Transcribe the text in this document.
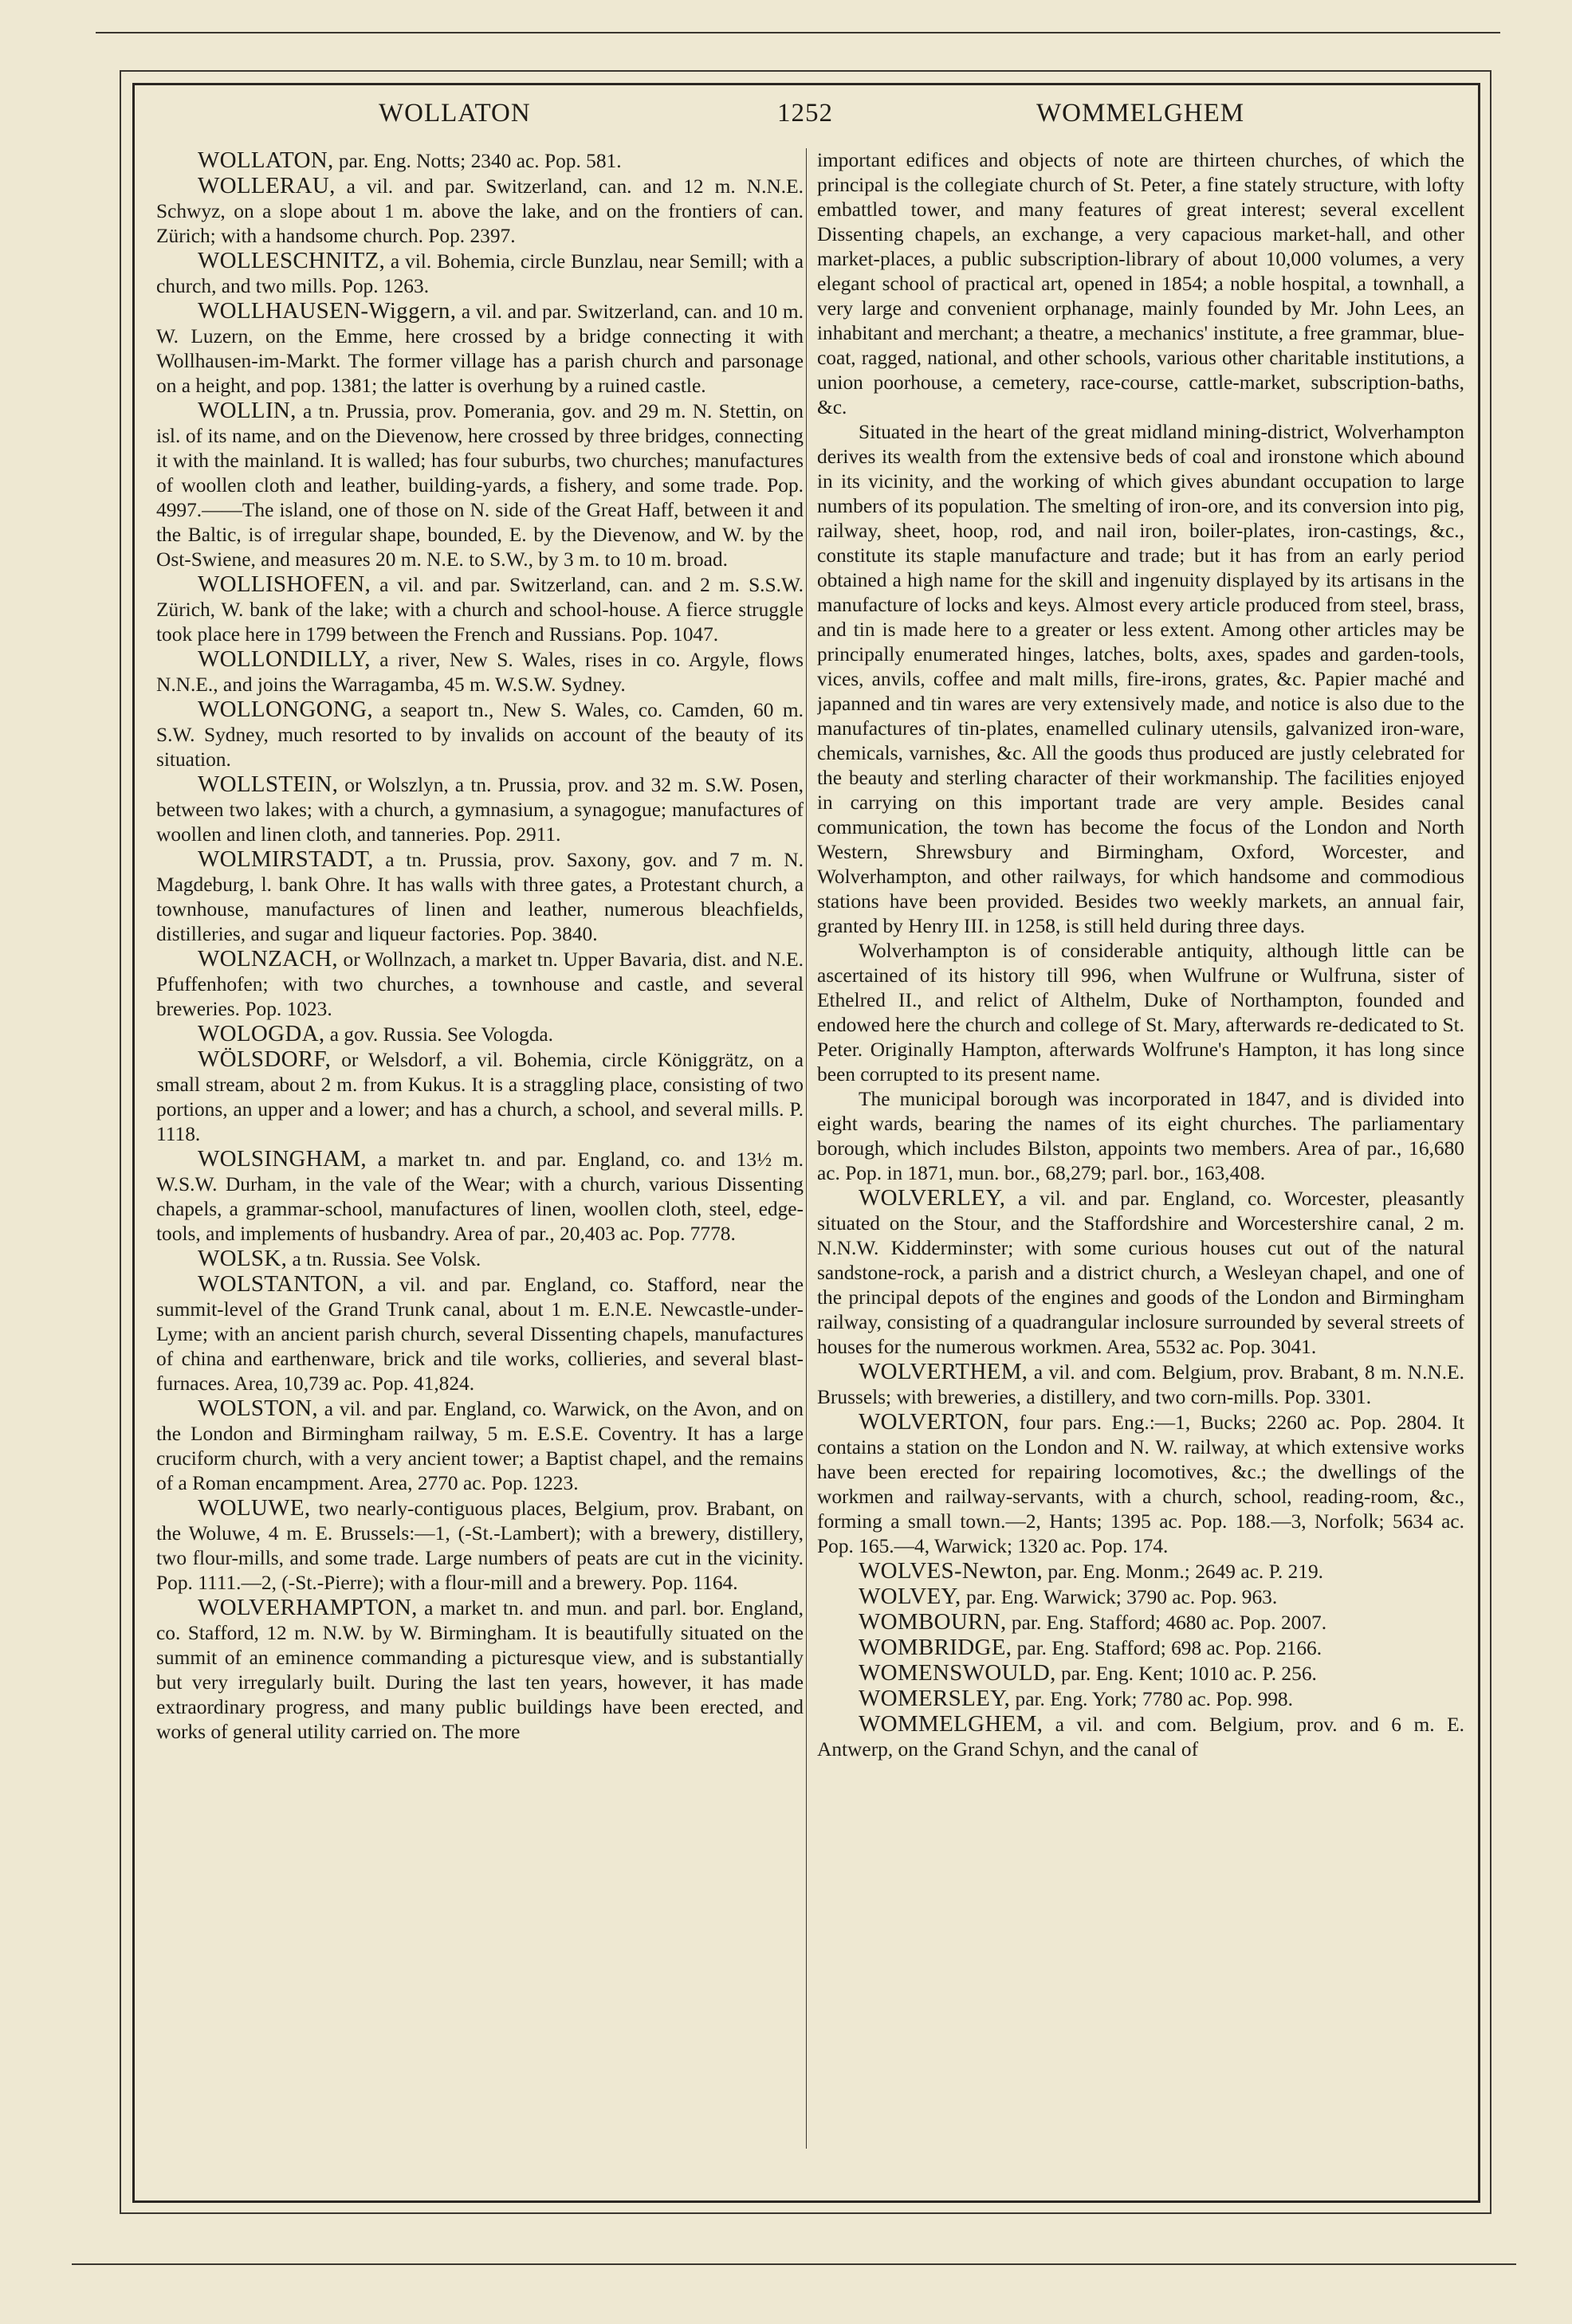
WOLLATON	1252	WOMMELGHEM

WOLLATON, par. Eng. Notts; 2340 ac. Pop. 581.

WOLLERAU, a vil. and par. Switzerland, can. and 12 m. N.N.E. Schwyz, on a slope about 1 m. above the lake, and on the frontiers of can. Zürich; with a handsome church. Pop. 2397.

WOLLESCHNITZ, a vil. Bohemia, circle Bunzlau, near Semill; with a church, and two mills. Pop. 1263.

WOLLHAUSEN-Wiggern, a vil. and par. Switzerland, can. and 10 m. W. Luzern, on the Emme, here crossed by a bridge connecting it with Wollhausen-im-Markt. The former village has a parish church and parsonage on a height, and pop. 1381; the latter is overhung by a ruined castle.

WOLLIN, a tn. Prussia, prov. Pomerania, gov. and 29 m. N. Stettin, on isl. of its name, and on the Dievenow, here crossed by three bridges, connecting it with the mainland. It is walled; has four suburbs, two churches; manufactures of woollen cloth and leather, building-yards, a fishery, and some trade. Pop. 4997.——The island, one of those on N. side of the Great Haff, between it and the Baltic, is of irregular shape, bounded, E. by the Dievenow, and W. by the Ost-Swiene, and measures 20 m. N.E. to S.W., by 3 m. to 10 m. broad.

WOLLISHOFEN, a vil. and par. Switzerland, can. and 2 m. S.S.W. Zürich, W. bank of the lake; with a church and school-house. A fierce struggle took place here in 1799 between the French and Russians. Pop. 1047.

WOLLONDILLY, a river, New S. Wales, rises in co. Argyle, flows N.N.E., and joins the Warragamba, 45 m. W.S.W. Sydney.

WOLLONGONG, a seaport tn., New S. Wales, co. Camden, 60 m. S.W. Sydney, much resorted to by invalids on account of the beauty of its situation.

WOLLSTEIN, or Wolszlyn, a tn. Prussia, prov. and 32 m. S.W. Posen, between two lakes; with a church, a gymnasium, a synagogue; manufactures of woollen and linen cloth, and tanneries. Pop. 2911.

WOLMIRSTADT, a tn. Prussia, prov. Saxony, gov. and 7 m. N. Magdeburg, l. bank Ohre. It has walls with three gates, a Protestant church, a townhouse, manufactures of linen and leather, numerous bleachfields, distilleries, and sugar and liqueur factories. Pop. 3840.

WOLNZACH, or Wollnzach, a market tn. Upper Bavaria, dist. and N.E. Pfuffenhofen; with two churches, a townhouse and castle, and several breweries. Pop. 1023.

WOLOGDA, a gov. Russia. See Vologda.

WÖLSDORF, or Welsdorf, a vil. Bohemia, circle Königgrätz, on a small stream, about 2 m. from Kukus. It is a straggling place, consisting of two portions, an upper and a lower; and has a church, a school, and several mills. P. 1118.

WOLSINGHAM, a market tn. and par. England, co. and 13½ m. W.S.W. Durham, in the vale of the Wear; with a church, various Dissenting chapels, a grammar-school, manufactures of linen, woollen cloth, steel, edge-tools, and implements of husbandry. Area of par., 20,403 ac. Pop. 7778.

WOLSK, a tn. Russia. See Volsk.

WOLSTANTON, a vil. and par. England, co. Stafford, near the summit-level of the Grand Trunk canal, about 1 m. E.N.E. Newcastle-under-Lyme; with an ancient parish church, several Dissenting chapels, manufactures of china and earthenware, brick and tile works, collieries, and several blast-furnaces. Area, 10,739 ac. Pop. 41,824.

WOLSTON, a vil. and par. England, co. Warwick, on the Avon, and on the London and Birmingham railway, 5 m. E.S.E. Coventry. It has a large cruciform church, with a very ancient tower; a Baptist chapel, and the remains of a Roman encampment. Area, 2770 ac. Pop. 1223.

WOLUWE, two nearly-contiguous places, Belgium, prov. Brabant, on the Woluwe, 4 m. E. Brussels:—1, (-St.-Lambert); with a brewery, distillery, two flour-mills, and some trade. Large numbers of peats are cut in the vicinity. Pop. 1111.—2, (-St.-Pierre); with a flour-mill and a brewery. Pop. 1164.

WOLVERHAMPTON, a market tn. and mun. and parl. bor. England, co. Stafford, 12 m. N.W. by W. Birmingham. It is beautifully situated on the summit of an eminence commanding a picturesque view, and is substantially but very irregularly built. During the last ten years, however, it has made extraordinary progress, and many public buildings have been erected, and works of general utility carried on. The more

important edifices and objects of note are thirteen churches, of which the principal is the collegiate church of St. Peter, a fine stately structure, with lofty embattled tower, and many features of great interest; several excellent Dissenting chapels, an exchange, a very capacious market-hall, and other market-places, a public subscription-library of about 10,000 volumes, a very elegant school of practical art, opened in 1854; a noble hospital, a townhall, a very large and convenient orphanage, mainly founded by Mr. John Lees, an inhabitant and merchant; a theatre, a mechanics' institute, a free grammar, blue-coat, ragged, national, and other schools, various other charitable institutions, a union poorhouse, a cemetery, race-course, cattle-market, subscription-baths, &c.

Situated in the heart of the great midland mining-district, Wolverhampton derives its wealth from the extensive beds of coal and ironstone which abound in its vicinity, and the working of which gives abundant occupation to large numbers of its population. The smelting of iron-ore, and its conversion into pig, railway, sheet, hoop, rod, and nail iron, boiler-plates, iron-castings, &c., constitute its staple manufacture and trade; but it has from an early period obtained a high name for the skill and ingenuity displayed by its artisans in the manufacture of locks and keys. Almost every article produced from steel, brass, and tin is made here to a greater or less extent. Among other articles may be principally enumerated hinges, latches, bolts, axes, spades and garden-tools, vices, anvils, coffee and malt mills, fire-irons, grates, &c. Papier maché and japanned and tin wares are very extensively made, and notice is also due to the manufactures of tin-plates, enamelled culinary utensils, galvanized iron-ware, chemicals, varnishes, &c. All the goods thus produced are justly celebrated for the beauty and sterling character of their workmanship. The facilities enjoyed in carrying on this important trade are very ample. Besides canal communication, the town has become the focus of the London and North Western, Shrewsbury and Birmingham, Oxford, Worcester, and Wolverhampton, and other railways, for which handsome and commodious stations have been provided. Besides two weekly markets, an annual fair, granted by Henry III. in 1258, is still held during three days.

Wolverhampton is of considerable antiquity, although little can be ascertained of its history till 996, when Wulfrune or Wulfruna, sister of Ethelred II., and relict of Althelm, Duke of Northampton, founded and endowed here the church and college of St. Mary, afterwards re-dedicated to St. Peter. Originally Hampton, afterwards Wolfrune's Hampton, it has long since been corrupted to its present name.

The municipal borough was incorporated in 1847, and is divided into eight wards, bearing the names of its eight churches. The parliamentary borough, which includes Bilston, appoints two members. Area of par., 16,680 ac. Pop. in 1871, mun. bor., 68,279; parl. bor., 163,408.

WOLVERLEY, a vil. and par. England, co. Worcester, pleasantly situated on the Stour, and the Staffordshire and Worcestershire canal, 2 m. N.N.W. Kidderminster; with some curious houses cut out of the natural sandstone-rock, a parish and a district church, a Wesleyan chapel, and one of the principal depots of the engines and goods of the London and Birmingham railway, consisting of a quadrangular inclosure surrounded by several streets of houses for the numerous workmen. Area, 5532 ac. Pop. 3041.

WOLVERTHEM, a vil. and com. Belgium, prov. Brabant, 8 m. N.N.E. Brussels; with breweries, a distillery, and two corn-mills. Pop. 3301.

WOLVERTON, four pars. Eng.:—1, Bucks; 2260 ac. Pop. 2804. It contains a station on the London and N. W. railway, at which extensive works have been erected for repairing locomotives, &c.; the dwellings of the workmen and railway-servants, with a church, school, reading-room, &c., forming a small town.—2, Hants; 1395 ac. Pop. 188.—3, Norfolk; 5634 ac. Pop. 165.—4, Warwick; 1320 ac. Pop. 174.

WOLVES-Newton, par. Eng. Monm.; 2649 ac. P. 219.

WOLVEY, par. Eng. Warwick; 3790 ac. Pop. 963.

WOMBOURN, par. Eng. Stafford; 4680 ac. Pop. 2007.

WOMBRIDGE, par. Eng. Stafford; 698 ac. Pop. 2166.

WOMENSWOULD, par. Eng. Kent; 1010 ac. P. 256.

WOMERSLEY, par. Eng. York; 7780 ac. Pop. 998.

WOMMELGHEM, a vil. and com. Belgium, prov. and 6 m. E. Antwerp, on the Grand Schyn, and the canal of
